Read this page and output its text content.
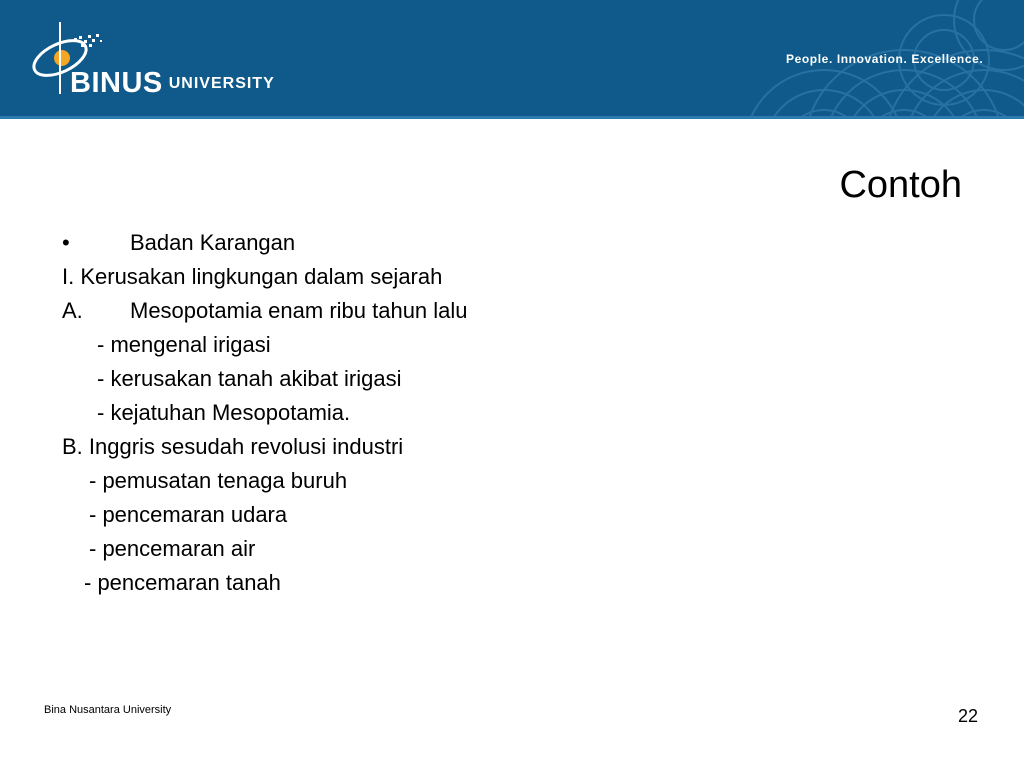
BINUS UNIVERSITY
People. Innovation. Excellence.
Contoh
•	Badan Karangan
I. Kerusakan lingkungan dalam sejarah
A. Mesopotamia enam ribu tahun lalu
- mengenal irigasi
- kerusakan tanah akibat irigasi
- kejatuhan Mesopotamia.
B. Inggris sesudah revolusi industri
- pemusatan tenaga buruh
- pencemaran udara
- pencemaran air
- pencemaran tanah
Bina Nusantara University	22
